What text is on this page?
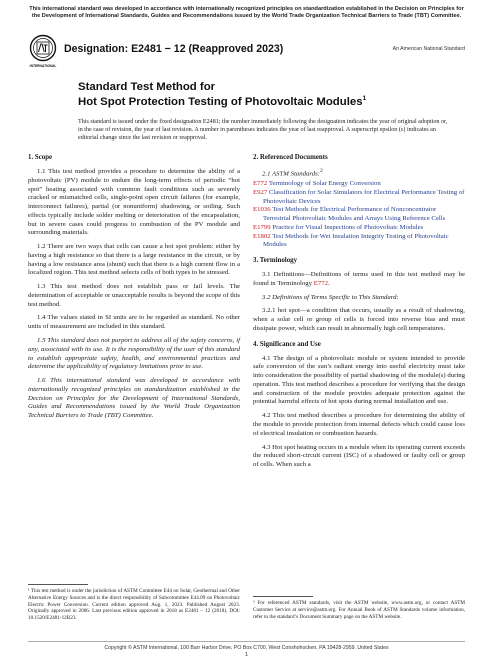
This international standard was developed in accordance with internationally recognized principles on standardization established in the Decision on Principles for the Development of International Standards, Guides and Recommendations issued by the World Trade Organization Technical Barriers to Trade (TBT) Committee.
INTERNATIONAL
Designation: E2481 − 12 (Reapproved 2023)	An American National Standard
Standard Test Method for
Hot Spot Protection Testing of Photovoltaic Modules$^1$
This standard is issued under the fixed designation E2481; the number immediately following the designation indicates the year of original adoption or, in the case of revision, the year of last revision. A number in parentheses indicates the year of last reapproval. A superscript epsilon (ε) indicates an editorial change since the last revision or reapproval.
1. Scope

1.1 This test method provides a procedure to determine the ability of a photovoltaic (PV) module to endure the long-term effects of periodic “hot spot” heating associated with common fault conditions such as severely cracked or mismatched cells, single-point open circuit failures (for example, interconnect failures), partial (or nonuniform) shadowing, or soiling. Such effects typically include solder melting or deterioration of the encapsulation, but in severe cases could progress to combustion of the PV module and surrounding materials.

1.2 There are two ways that cells can cause a hot spot problem: either by having a high resistance so that there is a large resistance in the circuit, or by having a low resistance area (shunt) such that there is a high current flow in a localized region. This test method selects cells of both types to be stressed.

1.3 This test method does not establish pass or fail levels. The determination of acceptable or unacceptable results is beyond the scope of this test method.

1.4 The values stated in SI units are to be regarded as standard. No other units of measurement are included in this standard.

1.5 This standard does not purport to address all of the safety concerns, if any, associated with its use. It is the responsibility of the user of this standard to establish appropriate safety, health, and environmental practices and determine the applicability of regulatory limitations prior to use.

1.6 This international standard was developed in accordance with internationally recognized principles on standardization established in the Decision on Principles for the Development of International Standards, Guides and Recommendations issued by the World Trade Organization Technical Barriers to Trade (TBT) Committee.

¹ This test method is under the jurisdiction of ASTM Committee E44 on Solar, Geothermal and Other Alternative Energy Sources and is the direct responsibility of Subcommittee E44.09 on Photovoltaic Electric Power Conversion. Current edition approved Aug. 1, 2023. Published August 2023. Originally approved in 2006. Last previous edition approved in 2018 as E2481 – 12 (2018). DOI: 10.1520/E2481-12R23.
2. Referenced Documents
2.1 ASTM Standards:$^2$
E772 Terminology of Solar Energy Conversion
E927 Classification for Solar Simulators for Electrical Performance Testing of Photovoltaic Devices
E1036 Test Methods for Electrical Performance of Nonconcentrator Terrestrial Photovoltaic Modules and Arrays Using Reference Cells
E1799 Practice for Visual Inspections of Photovoltaic Modules
E1802 Test Methods for Wet Insulation Integrity Testing of Photovoltaic Modules
3. Terminology

3.1 Definitions—Definitions of terms used in this test method may be found in Terminology E772.

3.2 Definitions of Terms Specific to This Standard:

3.2.1 hot spot—a condition that occurs, usually as a result of shadowing, when a solar cell or group of cells is forced into reverse bias and must dissipate power, which can result in abnormally high cell temperatures.

4. Significance and Use

4.1 The design of a photovoltaic module or system intended to provide safe conversion of the sun’s radiant energy into useful electricity must take into consideration the possibility of partial shadowing of the module(s) during operation. This test method describes a procedure for verifying that the design and construction of the module provides adequate protection against the potential harmful effects of hot spots during normal installation and use.

4.2 This test method describes a procedure for determining the ability of the module to provide protection from internal defects which could cause loss of electrical insulation or combustion hazards.

4.3 Hot spot heating occurs in a module when its operating current exceeds the reduced short-circuit current (ISC) of a shadowed or faulty cell or group of cells. When such a

² For referenced ASTM standards, visit the ASTM website, www.astm.org, or contact ASTM Customer Service at service@astm.org. For Annual Book of ASTM Standards volume information, refer to the standard’s Document Summary page on the ASTM website.
Copyright © ASTM International, 100 Barr Harbor Drive, PO Box C700, West Conshohocken, PA 19428-2959. United States
1
